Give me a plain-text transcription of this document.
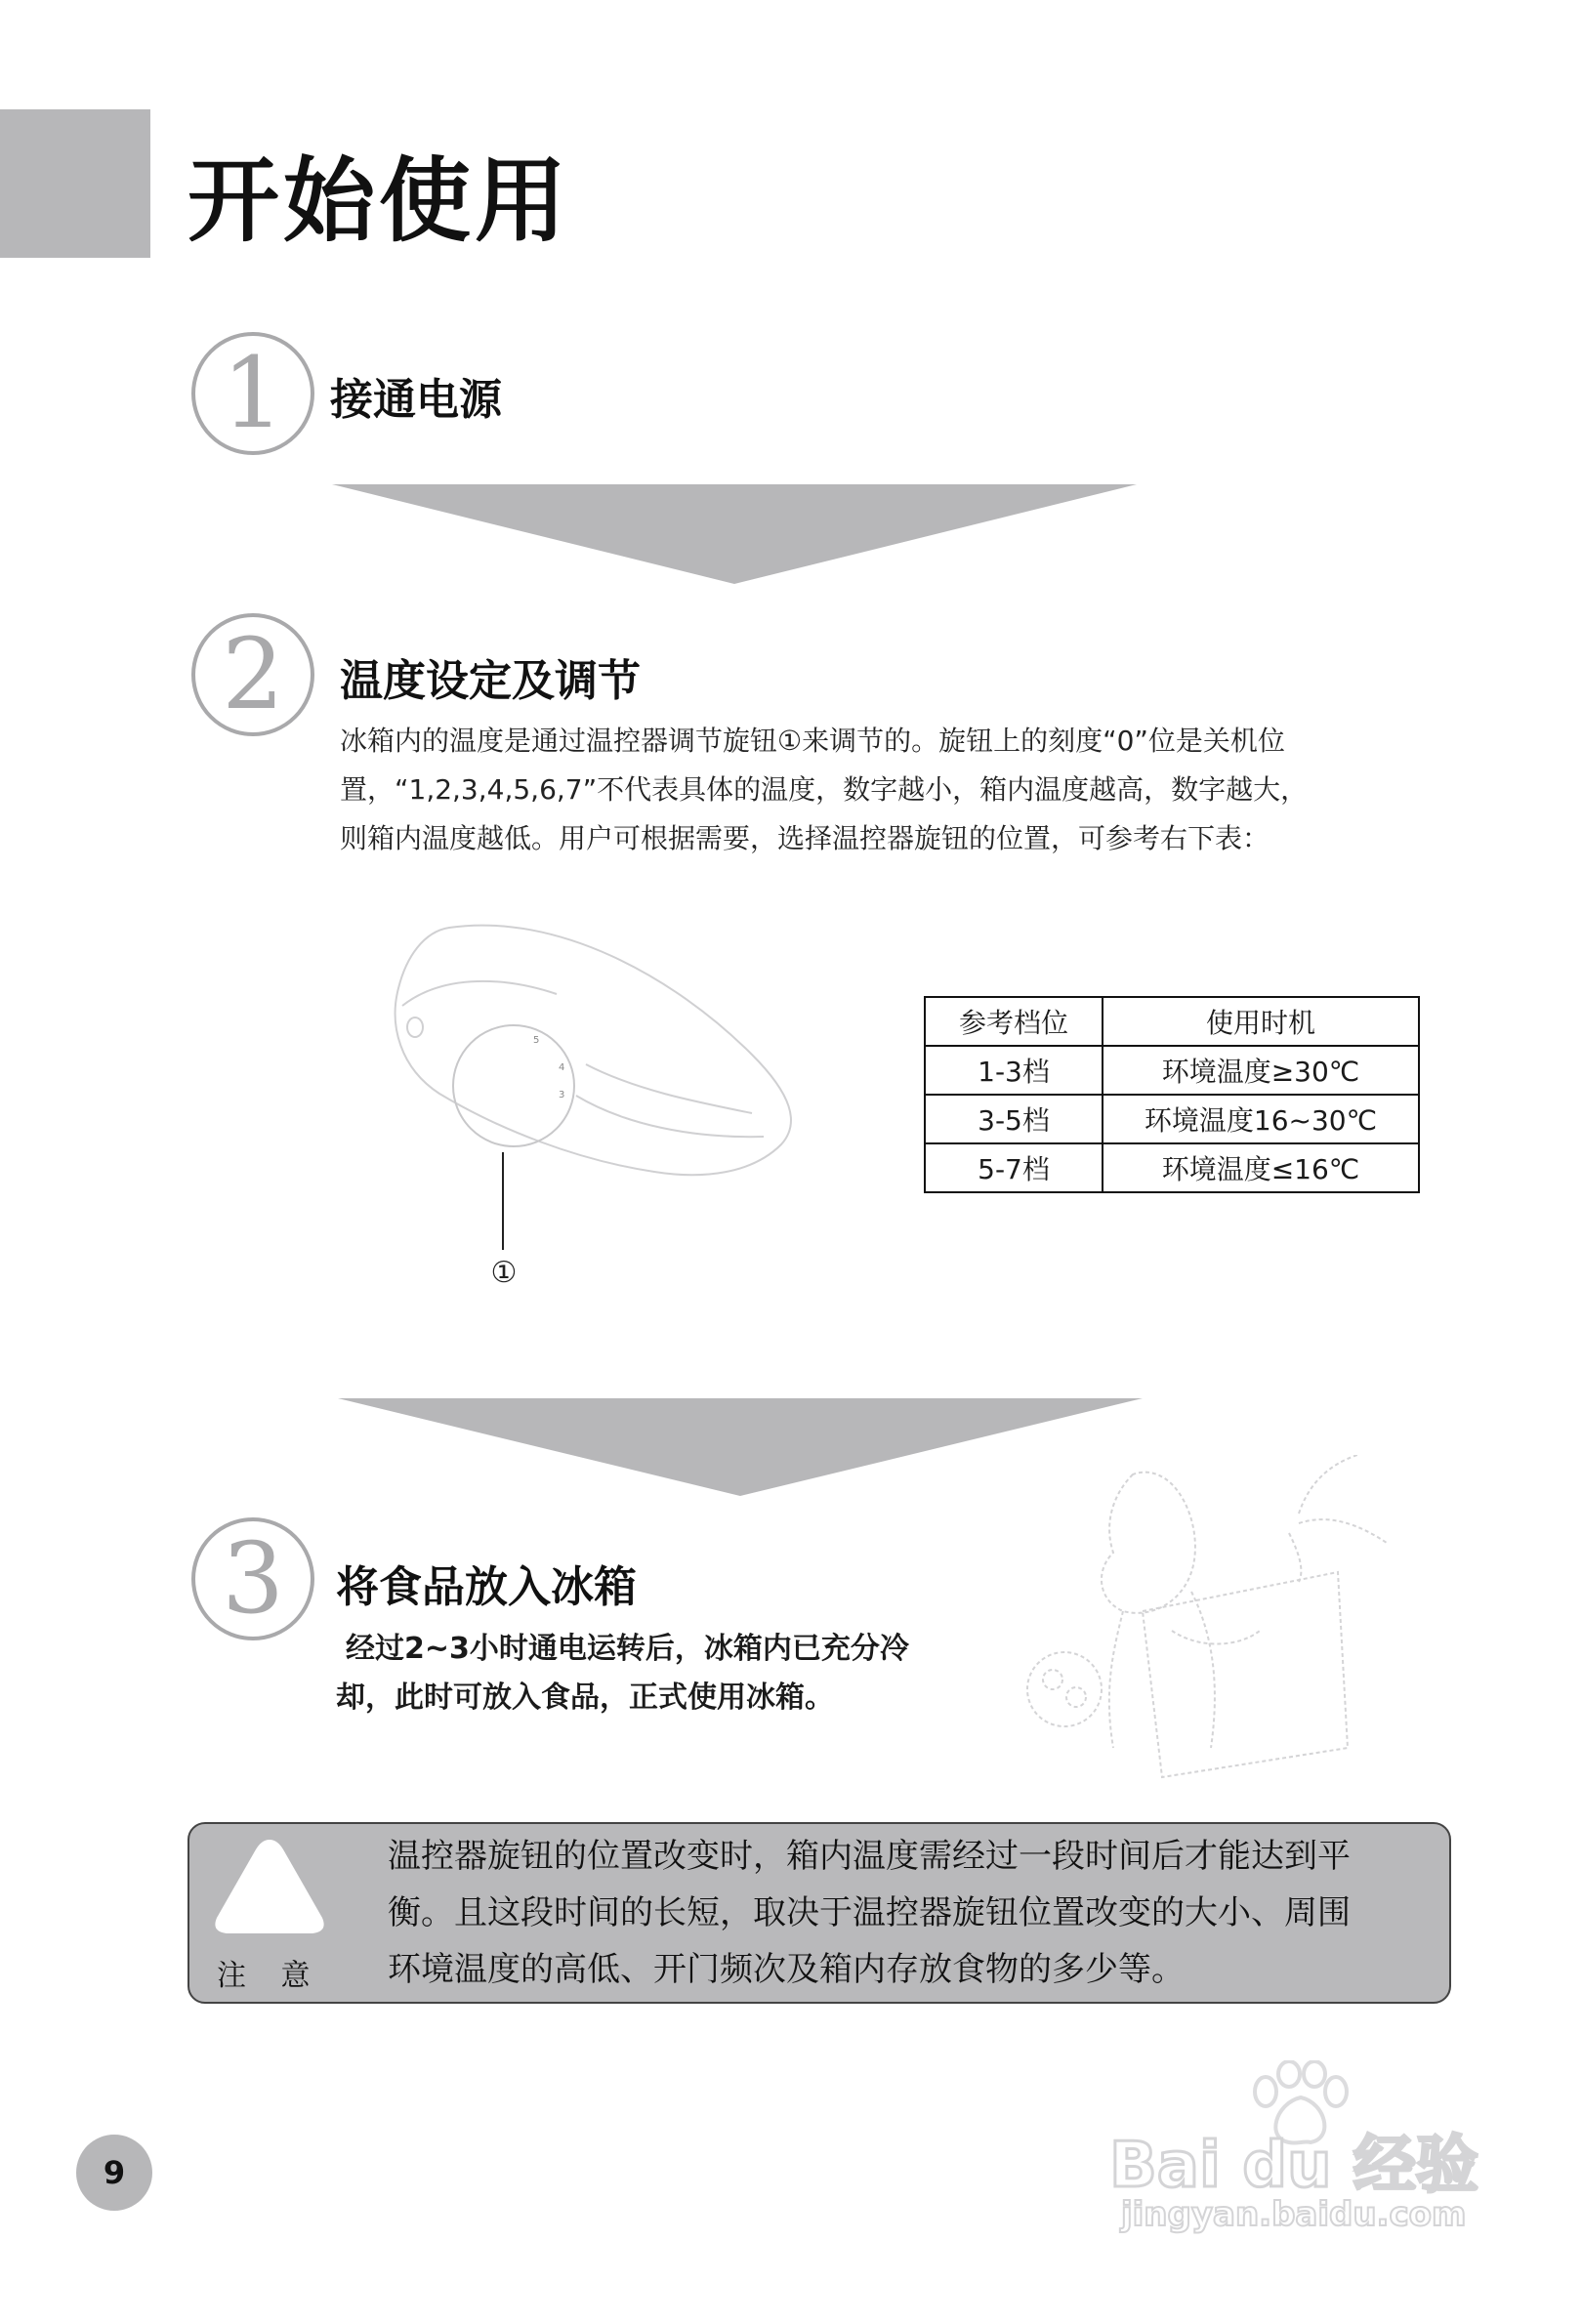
开始使用
1	接通电源
2	温度设定及调节
冰箱内的温度是通过温控器调节旋钮①来调节的。旋钮上的刻度“0”位是关机位
置，“1,2,3,4,5,6,7”不代表具体的温度，数字越小，箱内温度越高，数字越大，
则箱内温度越低。用户可根据需要，选择温控器旋钮的位置，可参考右下表：
5
4
3
①
参考档位	使用时机
1-3档	环境温度≥30℃
3-5档	环境温度16~30℃
5-7档	环境温度≤16℃
3	将食品放入冰箱
经过2~3小时通电运转后，冰箱内已充分冷
却，此时可放入食品，正式使用冰箱。
注 意
温控器旋钮的位置改变时，箱内温度需经过一段时间后才能达到平
衡。且这段时间的长短，取决于温控器旋钮位置改变的大小、周围
环境温度的高低、开门频次及箱内存放食物的多少等。
9	Bai du 经验
jingyan.baidu.com
